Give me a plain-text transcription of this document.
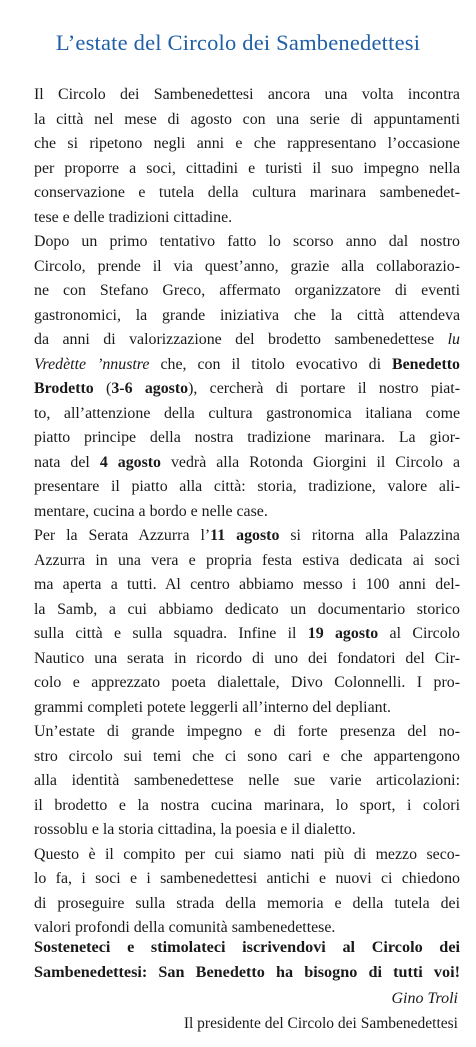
L’estate del Circolo dei Sambenedettesi
Il Circolo dei Sambenedettesi ancora una volta incontra
la città nel mese di agosto con una serie di appuntamenti
che si ripetono negli anni e che rappresentano l’occasione
per proporre a soci, cittadini e turisti il suo impegno nella
conservazione e tutela della cultura marinara sambenedet-
tese e delle tradizioni cittadine.
Dopo un primo tentativo fatto lo scorso anno dal nostro
Circolo, prende il via quest’anno, grazie alla collaborazio-
ne con Stefano Greco, affermato organizzatore di eventi
gastronomici, la grande iniziativa che la città attendeva
da anni di valorizzazione del brodetto sambenedettese lu
Vredètte ’nnustre che, con il titolo evocativo di Benedetto
Brodetto (3-6 agosto), cercherà di portare il nostro piat-
to, all’attenzione della cultura gastronomica italiana come
piatto principe della nostra tradizione marinara. La gior-
nata del 4 agosto vedrà alla Rotonda Giorgini il Circolo a
presentare il piatto alla città: storia, tradizione, valore ali-
mentare, cucina a bordo e nelle case.
Per la Serata Azzurra l’11 agosto si ritorna alla Palazzina
Azzurra in una vera e propria festa estiva dedicata ai soci
ma aperta a tutti. Al centro abbiamo messo i 100 anni del-
la Samb, a cui abbiamo dedicato un documentario storico
sulla città e sulla squadra. Infine il 19 agosto al Circolo
Nautico una serata in ricordo di uno dei fondatori del Cir-
colo e apprezzato poeta dialettale, Divo Colonnelli. I pro-
grammi completi potete leggerli all’interno del depliant.
Un’estate di grande impegno e di forte presenza del no-
stro circolo sui temi che ci sono cari e che appartengono
alla identità sambenedettese nelle sue varie articolazioni:
il brodetto e la nostra cucina marinara, lo sport, i colori
rossoblu e la storia cittadina, la poesia e il dialetto.
Questo è il compito per cui siamo nati più di mezzo seco-
lo fa, i soci e i sambenedettesi antichi e nuovi ci chiedono
di proseguire sulla strada della memoria e della tutela dei
valori profondi della comunità sambenedettese.
Sosteneteci e stimolateci iscrivendovi al Circolo dei
Sambenedettesi: San Benedetto ha bisogno di tutti voi!
Gino Troli
Il presidente del Circolo dei Sambenedettesi
